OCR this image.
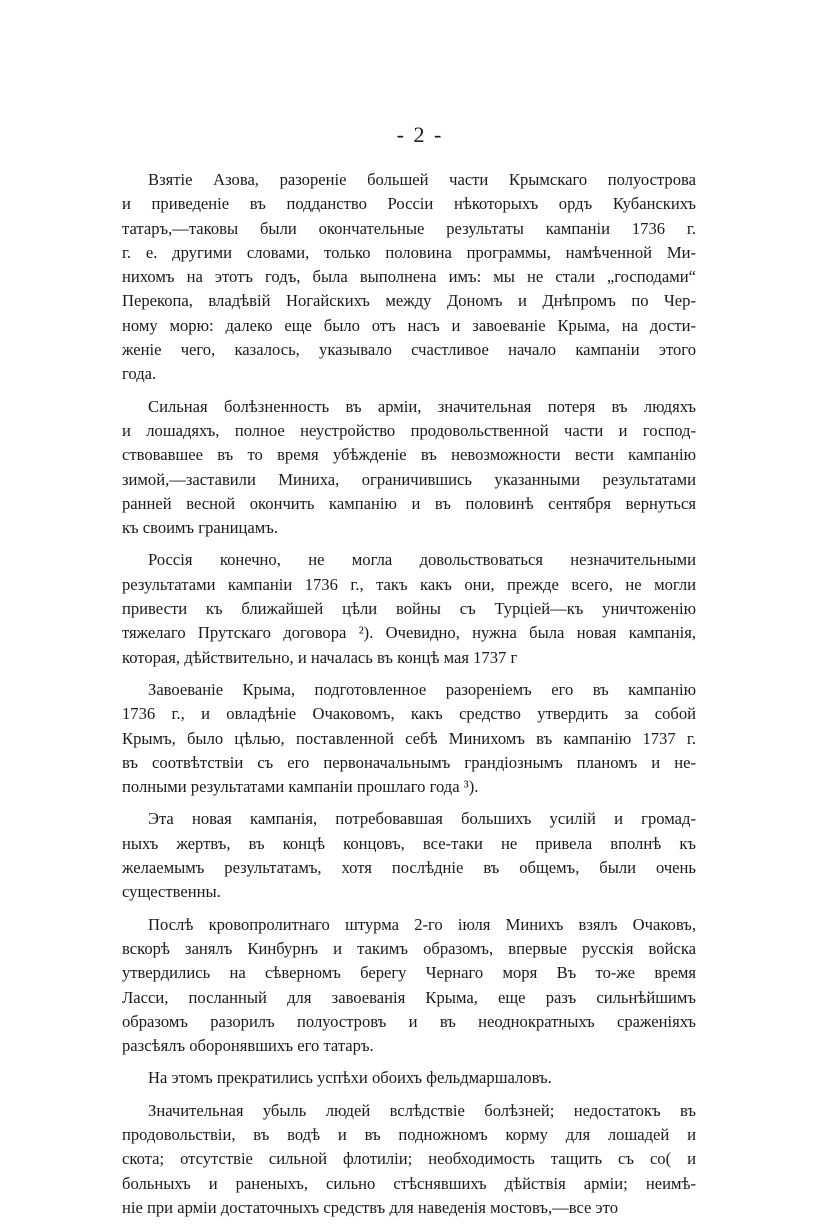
- 2 -
Взятiе Азова, разоренiе большей части Крымскаго полуострова
и приведенiе въ подданство Россiи нѣкоторыхъ ордъ Кубанскихъ
татаръ,—таковы были окончательные результаты кампанiи 1736 г.
г. е. другими словами, только половина программы, намѣченной Ми-
нихомъ на этотъ годъ, была выполнена имъ: мы не стали „господами“
Перекопа, владѣвiй Ногайскихъ между Дономъ и Днѣпромъ по Чер-
ному морю: далеко еще было отъ насъ и завоеванiе Крыма, на дости-
женiе чего, казалось, указывало счастливое начало кампанiи этого
года.
Сильная болѣзненность въ армiи, значительная потеря въ людяхъ
и лошадяхъ, полное неустройство продовольственной части и господ-
ствовавшее въ то время убѣжденiе въ невозможности вести кампанiю
зимой,—заставили Миниха, ограничившись указанными результатами
ранней весной окончить кампанiю и въ половинѣ сентября вернуться
къ своимъ границамъ.
Россiя конечно, не могла довольствоваться незначительными
результатами кампанiи 1736 г., такъ какъ они, прежде всего, не могли
привести къ ближайшей цѣли войны съ Турцiей—къ уничтоженiю
тяжелаго Прутскаго договора ²). Очевидно, нужна была новая кампанiя,
которая, дѣйствительно, и началась въ концѣ мая 1737 г
Завоеванiе Крыма, подготовленное разоренiемъ его въ кампанiю
1736 г., и овладѣнiе Очаковомъ, какъ средство утвердить за собой
Крымъ, было цѣлью, поставленной себѣ Минихомъ въ кампанiю 1737 г.
въ соотвѣтствiи съ его первоначальнымъ грандiознымъ планомъ и не-
полными результатами кампанiи прошлаго года ³).
Эта новая кампанiя, потребовавшая большихъ усилiй и громад-
ныхъ жертвъ, въ концѣ концовъ, все-таки не привела вполнѣ къ
желаемымъ результатамъ, хотя послѣднiе въ общемъ, были очень
существенны.
Послѣ кровопролитнаго штурма 2-го iюля Минихъ взялъ Очаковъ,
вскорѣ занялъ Кинбурнъ и такимъ образомъ, впервые русскiя войска
утвердились на сѣверномъ берегу Чернаго моря Въ то-же время
Ласси, посланный для завоеванiя Крыма, еще разъ сильнѣйшимъ
образомъ разорилъ полуостровъ и въ неоднократныхъ сраженiяхъ
разсѣялъ оборонявшихъ его татаръ.
На этомъ прекратились успѣхи обоихъ фельдмаршаловъ.
Значительная убыль людей вслѣдствiе болѣзней; недостатокъ въ
продовольствiи, въ водѣ и въ подножномъ корму для лошадей и
скота; отсутствiе сильной флотилiи; необходимость тащить съ со( и
больныхъ и раненыхъ, сильно стѣснявшихъ дѣйствiя армiи; неимѣ-
нiе при армiи достаточныхъ средствъ для наведенiя мостовъ,—все это
